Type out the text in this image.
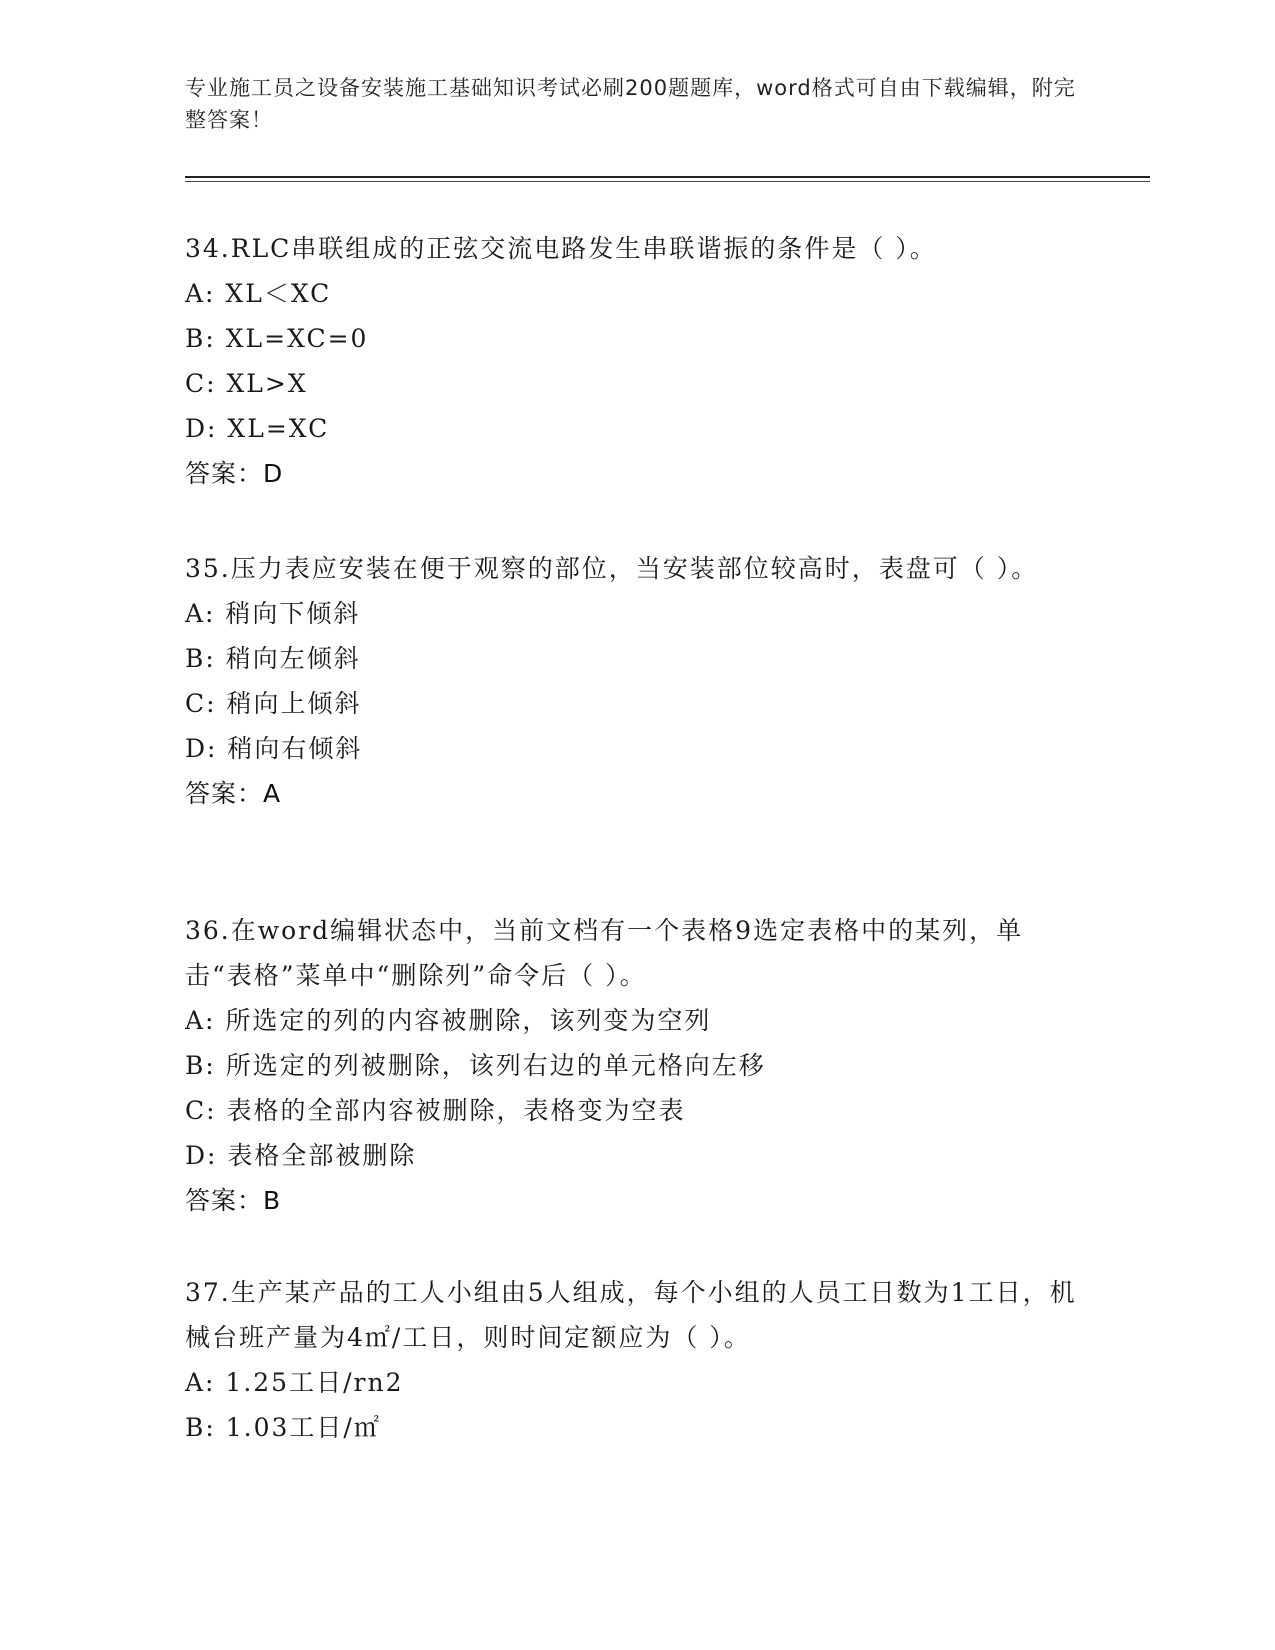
专业施工员之设备安装施工基础知识考试必刷200题题库，word格式可自由下载编辑，附完整答案！
34.RLC串联组成的正弦交流电路发生串联谐振的条件是（ ）。
A: XL＜XC
B: XL=XC=0
C: XL>X
D: XL=XC
答案：D
35.压力表应安装在便于观察的部位，当安装部位较高时，表盘可（ ）。
A: 稍向下倾斜
B: 稍向左倾斜
C: 稍向上倾斜
D: 稍向右倾斜
答案：A
36.在word编辑状态中，当前文档有一个表格9选定表格中的某列，单击“表格”菜单中“删除列”命令后（ ）。
A: 所选定的列的内容被删除，该列变为空列
B: 所选定的列被删除，该列右边的单元格向左移
C: 表格的全部内容被删除，表格变为空表
D: 表格全部被删除
答案：B
37.生产某产品的工人小组由5人组成，每个小组的人员工日数为1工日，机械台班产量为4㎡/工日，则时间定额应为（ ）。
A: 1.25工日/rn2
B: 1.03工日/㎡
